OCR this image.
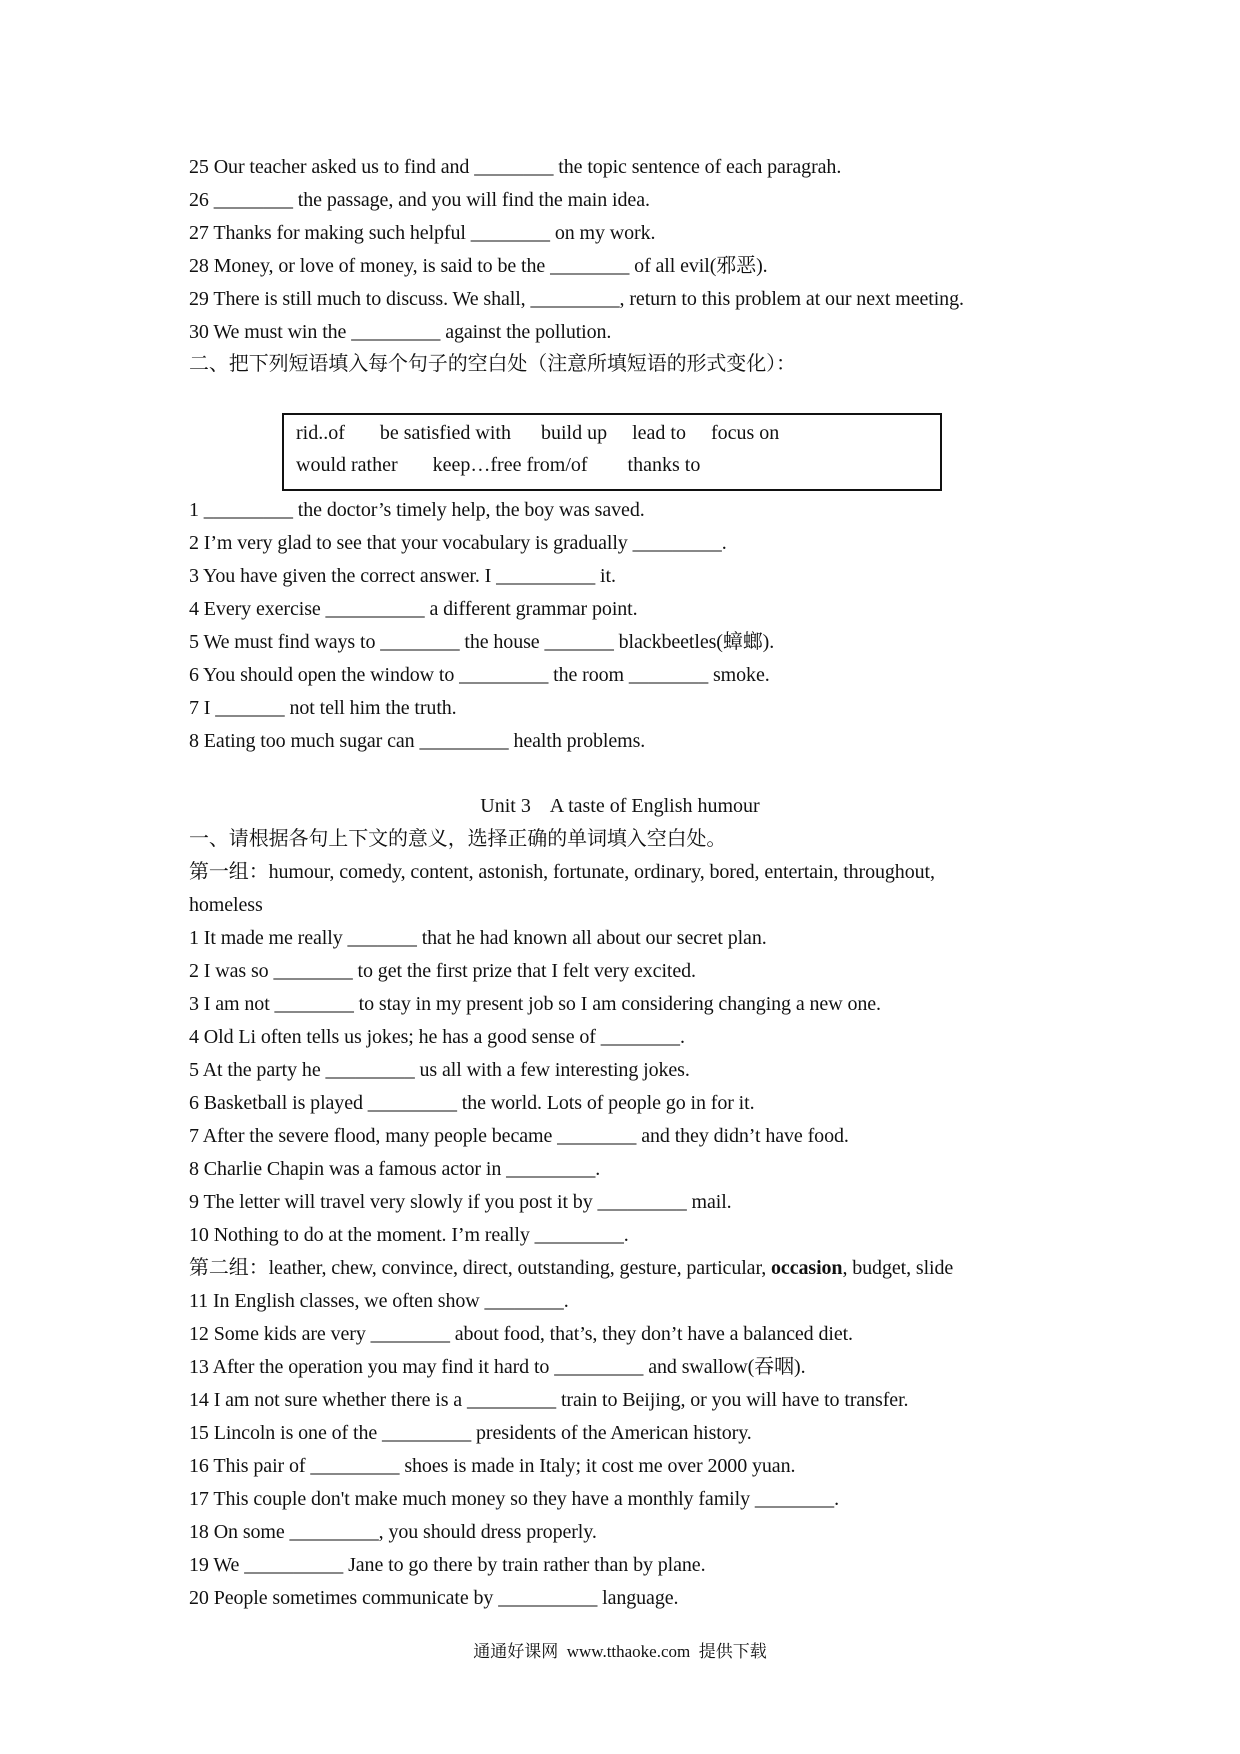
25 Our teacher asked us to find and ________ the topic sentence of each paragrah.
26 ________ the passage, and you will find the main idea.
27 Thanks for making such helpful ________ on my work.
28 Money, or love of money, is said to be the ________ of all evil(邪恶).
29 There is still much to discuss. We shall, _________, return to this problem at our next meeting.
30 We must win the _________ against the pollution.
二、把下列短语填入每个句子的空白处（注意所填短语的形式变化）：
rid..of       be satisfied with      build up     lead to     focus on
would rather       keep…free from/of        thanks to
1 _________ the doctor’s timely help, the boy was saved.
2 I’m very glad to see that your vocabulary is gradually _________.
3 You have given the correct answer. I __________ it.
4 Every exercise __________ a different grammar point.
5 We must find ways to ________ the house _______ blackbeetles(蟑螂).
6 You should open the window to _________ the room ________ smoke.
7 I _______ not tell him the truth.
8 Eating too much sugar can _________ health problems.
Unit 3    A taste of English humour
一、请根据各句上下文的意义，选择正确的单词填入空白处。
第一组：humour, comedy, content, astonish, fortunate, ordinary, bored, entertain, throughout,
homeless
1 It made me really _______ that he had known all about our secret plan.
2 I was so ________ to get the first prize that I felt very excited.
3 I am not ________ to stay in my present job so I am considering changing a new one.
4 Old Li often tells us jokes; he has a good sense of ________.
5 At the party he _________ us all with a few interesting jokes.
6 Basketball is played _________ the world. Lots of people go in for it.
7 After the severe flood, many people became ________ and they didn’t have food.
8 Charlie Chapin was a famous actor in _________.
9 The letter will travel very slowly if you post it by _________ mail.
10 Nothing to do at the moment. I’m really _________.
第二组：leather, chew, convince, direct, outstanding, gesture, particular, occasion, budget, slide
11 In English classes, we often show ________.
12 Some kids are very ________ about food, that’s, they don’t have a balanced diet.
13 After the operation you may find it hard to _________ and swallow(吞咽).
14 I am not sure whether there is a _________ train to Beijing, or you will have to transfer.
15 Lincoln is one of the _________ presidents of the American history.
16 This pair of _________ shoes is made in Italy; it cost me over 2000 yuan.
17 This couple don't make much money so they have a monthly family ________.
18 On some _________, you should dress properly.
19 We __________ Jane to go there by train rather than by plane.
20 People sometimes communicate by __________ language.
通通好课网  www.tthaoke.com  提供下载
